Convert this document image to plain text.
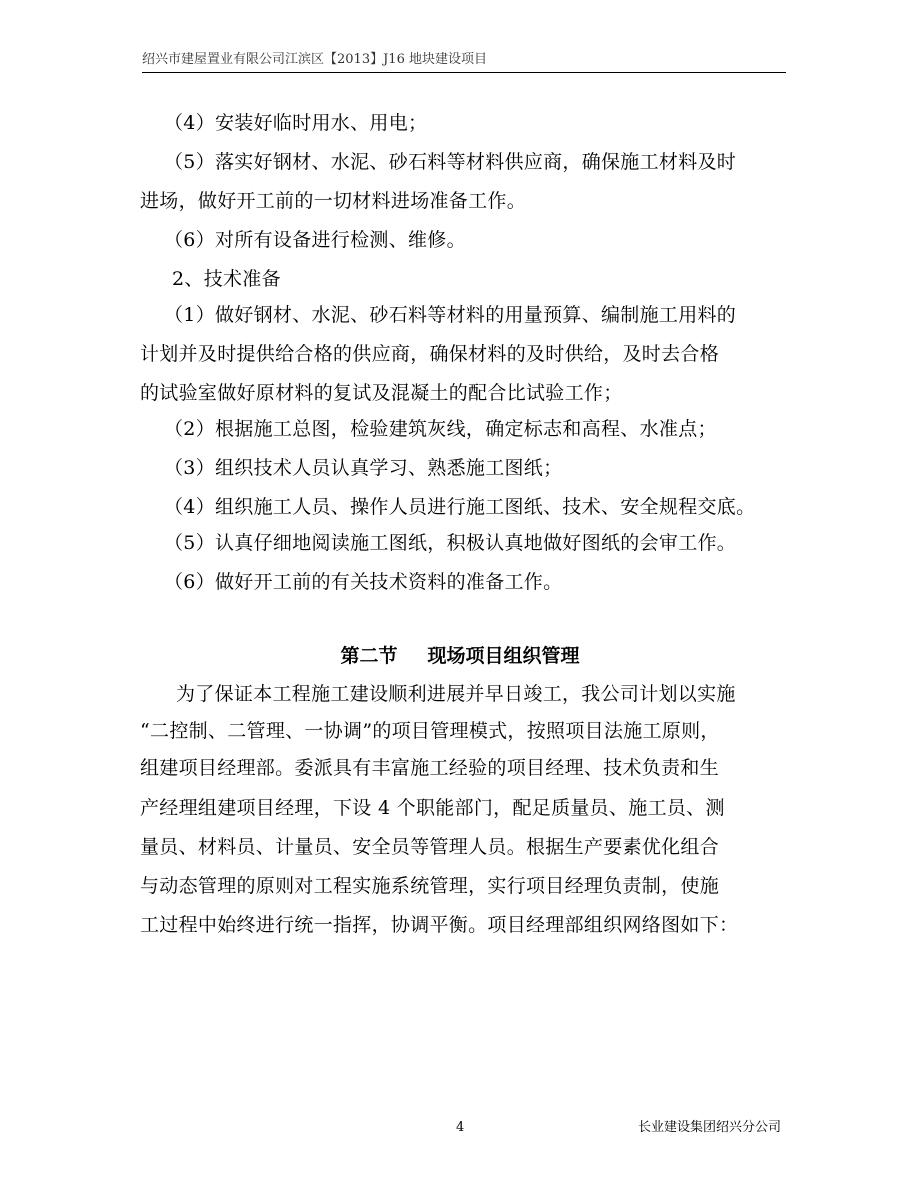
绍兴市建屋置业有限公司江滨区【2013】J16 地块建设项目
（4）安装好临时用水、用电；
（5）落实好钢材、水泥、砂石料等材料供应商，确保施工材料及时
进场，做好开工前的一切材料进场准备工作。
（6）对所有设备进行检测、维修。
2、技术准备
（1）做好钢材、水泥、砂石料等材料的用量预算、编制施工用料的
计划并及时提供给合格的供应商，确保材料的及时供给，及时去合格
的试验室做好原材料的复试及混凝土的配合比试验工作；
（2）根据施工总图，检验建筑灰线，确定标志和高程、水准点；
（3）组织技术人员认真学习、熟悉施工图纸；
（4）组织施工人员、操作人员进行施工图纸、技术、安全规程交底。
（5）认真仔细地阅读施工图纸，积极认真地做好图纸的会审工作。
（6）做好开工前的有关技术资料的准备工作。
第二节 现场项目组织管理
为了保证本工程施工建设顺利进展并早日竣工，我公司计划以实施
“二控制、二管理、一协调”的项目管理模式，按照项目法施工原则，
组建项目经理部。委派具有丰富施工经验的项目经理、技术负责和生
产经理组建项目经理，下设 4 个职能部门，配足质量员、施工员、测
量员、材料员、计量员、安全员等管理人员。根据生产要素优化组合
与动态管理的原则对工程实施系统管理，实行项目经理负责制，使施
工过程中始终进行统一指挥，协调平衡。项目经理部组织网络图如下：
4	长业建设集团绍兴分公司
